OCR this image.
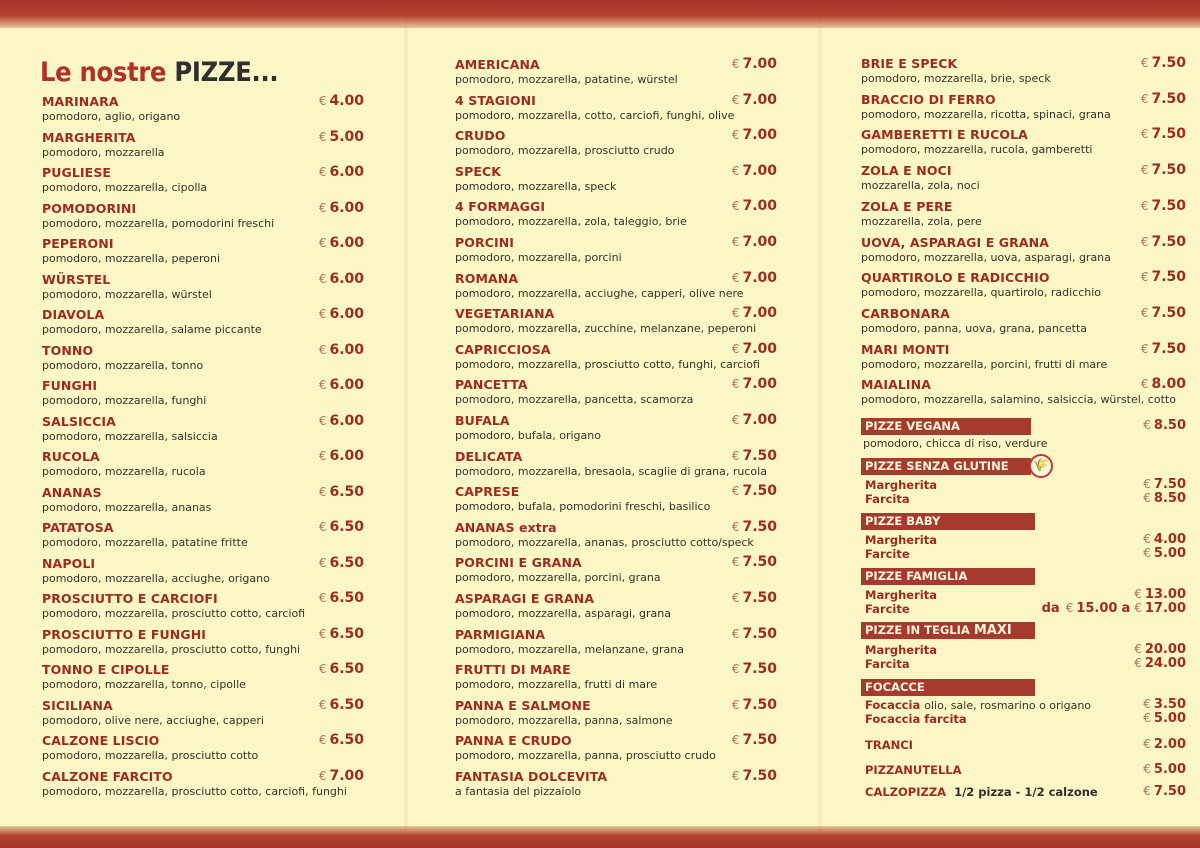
Le nostre PIZZE...
MARINARA	€ 4.00
pomodoro, aglio, origano
MARGHERITA	€ 5.00
pomodoro, mozzarella
PUGLIESE	€ 6.00
pomodoro, mozzarella, cipolla
POMODORINI	€ 6.00
pomodoro, mozzarella, pomodorini freschi
PEPERONI	€ 6.00
pomodoro, mozzarella, peperoni
WÜRSTEL	€ 6.00
pomodoro, mozzarella, würstel
DIAVOLA	€ 6.00
pomodoro, mozzarella, salame piccante
TONNO	€ 6.00
pomodoro, mozzarella, tonno
FUNGHI	€ 6.00
pomodoro, mozzarella, funghi
SALSICCIA	€ 6.00
pomodoro, mozzarella, salsiccia
RUCOLA	€ 6.00
pomodoro, mozzarella, rucola
ANANAS	€ 6.50
pomodoro, mozzarella, ananas
PATATOSA	€ 6.50
pomodoro, mozzarella, patatine fritte
NAPOLI	€ 6.50
pomodoro, mozzarella, acciughe, origano
PROSCIUTTO E CARCIOFI	€ 6.50
pomodoro, mozzarella, prosciutto cotto, carciofi
PROSCIUTTO E FUNGHI	€ 6.50
pomodoro, mozzarella, prosciutto cotto, funghi
TONNO E CIPOLLE	€ 6.50
pomodoro, mozzarella, tonno, cipolle
SICILIANA	€ 6.50
pomodoro, olive nere, acciughe, capperi
CALZONE LISCIO	€ 6.50
pomodoro, mozzarella, prosciutto cotto
CALZONE FARCITO	€ 7.00
pomodoro, mozzarella, prosciutto cotto, carciofi, funghi
AMERICANA	€ 7.00
pomodoro, mozzarella, patatine, würstel
4 STAGIONI	€ 7.00
pomodoro, mozzarella, cotto, carciofi, funghi, olive
CRUDO	€ 7.00
pomodoro, mozzarella, prosciutto crudo
SPECK	€ 7.00
pomodoro, mozzarella, speck
4 FORMAGGI	€ 7.00
pomodoro, mozzarella, zola, taleggio, brie
PORCINI	€ 7.00
pomodoro, mozzarella, porcini
ROMANA	€ 7.00
pomodoro, mozzarella, acciughe, capperi, olive nere
VEGETARIANA	€ 7.00
pomodoro, mozzarella, zucchine, melanzane, peperoni
CAPRICCIOSA	€ 7.00
pomodoro, mozzarella, prosciutto cotto, funghi, carciofi
PANCETTA	€ 7.00
pomodoro, mozzarella, pancetta, scamorza
BUFALA	€ 7.00
pomodoro, bufala, origano
DELICATA	€ 7.50
pomodoro, mozzarella, bresaola, scaglie di grana, rucola
CAPRESE	€ 7.50
pomodoro, bufala, pomodorini freschi, basilico
ANANAS extra	€ 7.50
pomodoro, mozzarella, ananas, prosciutto cotto/speck
PORCINI E GRANA	€ 7.50
pomodoro, mozzarella, porcini, grana
ASPARAGI E GRANA	€ 7.50
pomodoro, mozzarella, asparagi, grana
PARMIGIANA	€ 7.50
pomodoro, mozzarella, melanzane, grana
FRUTTI DI MARE	€ 7.50
pomodoro, mozzarella, frutti di mare
PANNA E SALMONE	€ 7.50
pomodoro, mozzarella, panna, salmone
PANNA E CRUDO	€ 7.50
pomodoro, mozzarella, panna, prosciutto crudo
FANTASIA DOLCEVITA	€ 7.50
a fantasia del pizzaiolo
PIZZE VEGANA	€ 8.50
pomodoro, chicca di riso, verdure
PIZZE SENZA GLUTINE	🌾
Margherita	€ 7.50
Farcita	€ 8.50
PIZZE BABY
Margherita	€ 4.00
Farcite	€ 5.00
PIZZE FAMIGLIA
Margherita	€ 13.00
Farcite	da € 15.00 a € 17.00
PIZZE IN TEGLIA MAXI
Margherita	€ 20.00
Farcita	€ 24.00
FOCACCE
Focaccia olio, sale, rosmarino o origano	€ 3.50
Focaccia farcita	€ 5.00
TRANCI	€ 2.00
PIZZANUTELLA	€ 5.00
CALZOPIZZA 1/2 pizza - 1/2 calzone	€ 7.50
BRIE E SPECK	€ 7.50
pomodoro, mozzarella, brie, speck
BRACCIO DI FERRO	€ 7.50
pomodoro, mozzarella, ricotta, spinaci, grana
GAMBERETTI E RUCOLA	€ 7.50
pomodoro, mozzarella, rucola, gamberetti
ZOLA E NOCI	€ 7.50
mozzarella, zola, noci
ZOLA E PERE	€ 7.50
mozzarella, zola, pere
UOVA, ASPARAGI E GRANA	€ 7.50
pomodoro, mozzarella, uova, asparagi, grana
QUARTIROLO E RADICCHIO	€ 7.50
pomodoro, mozzarella, quartirolo, radicchio
CARBONARA	€ 7.50
pomodoro, panna, uova, grana, pancetta
MARI MONTI	€ 7.50
pomodoro, mozzarella, porcini, frutti di mare
MAIALINA	€ 8.00
pomodoro, mozzarella, salamino, salsiccia, würstel, cotto
